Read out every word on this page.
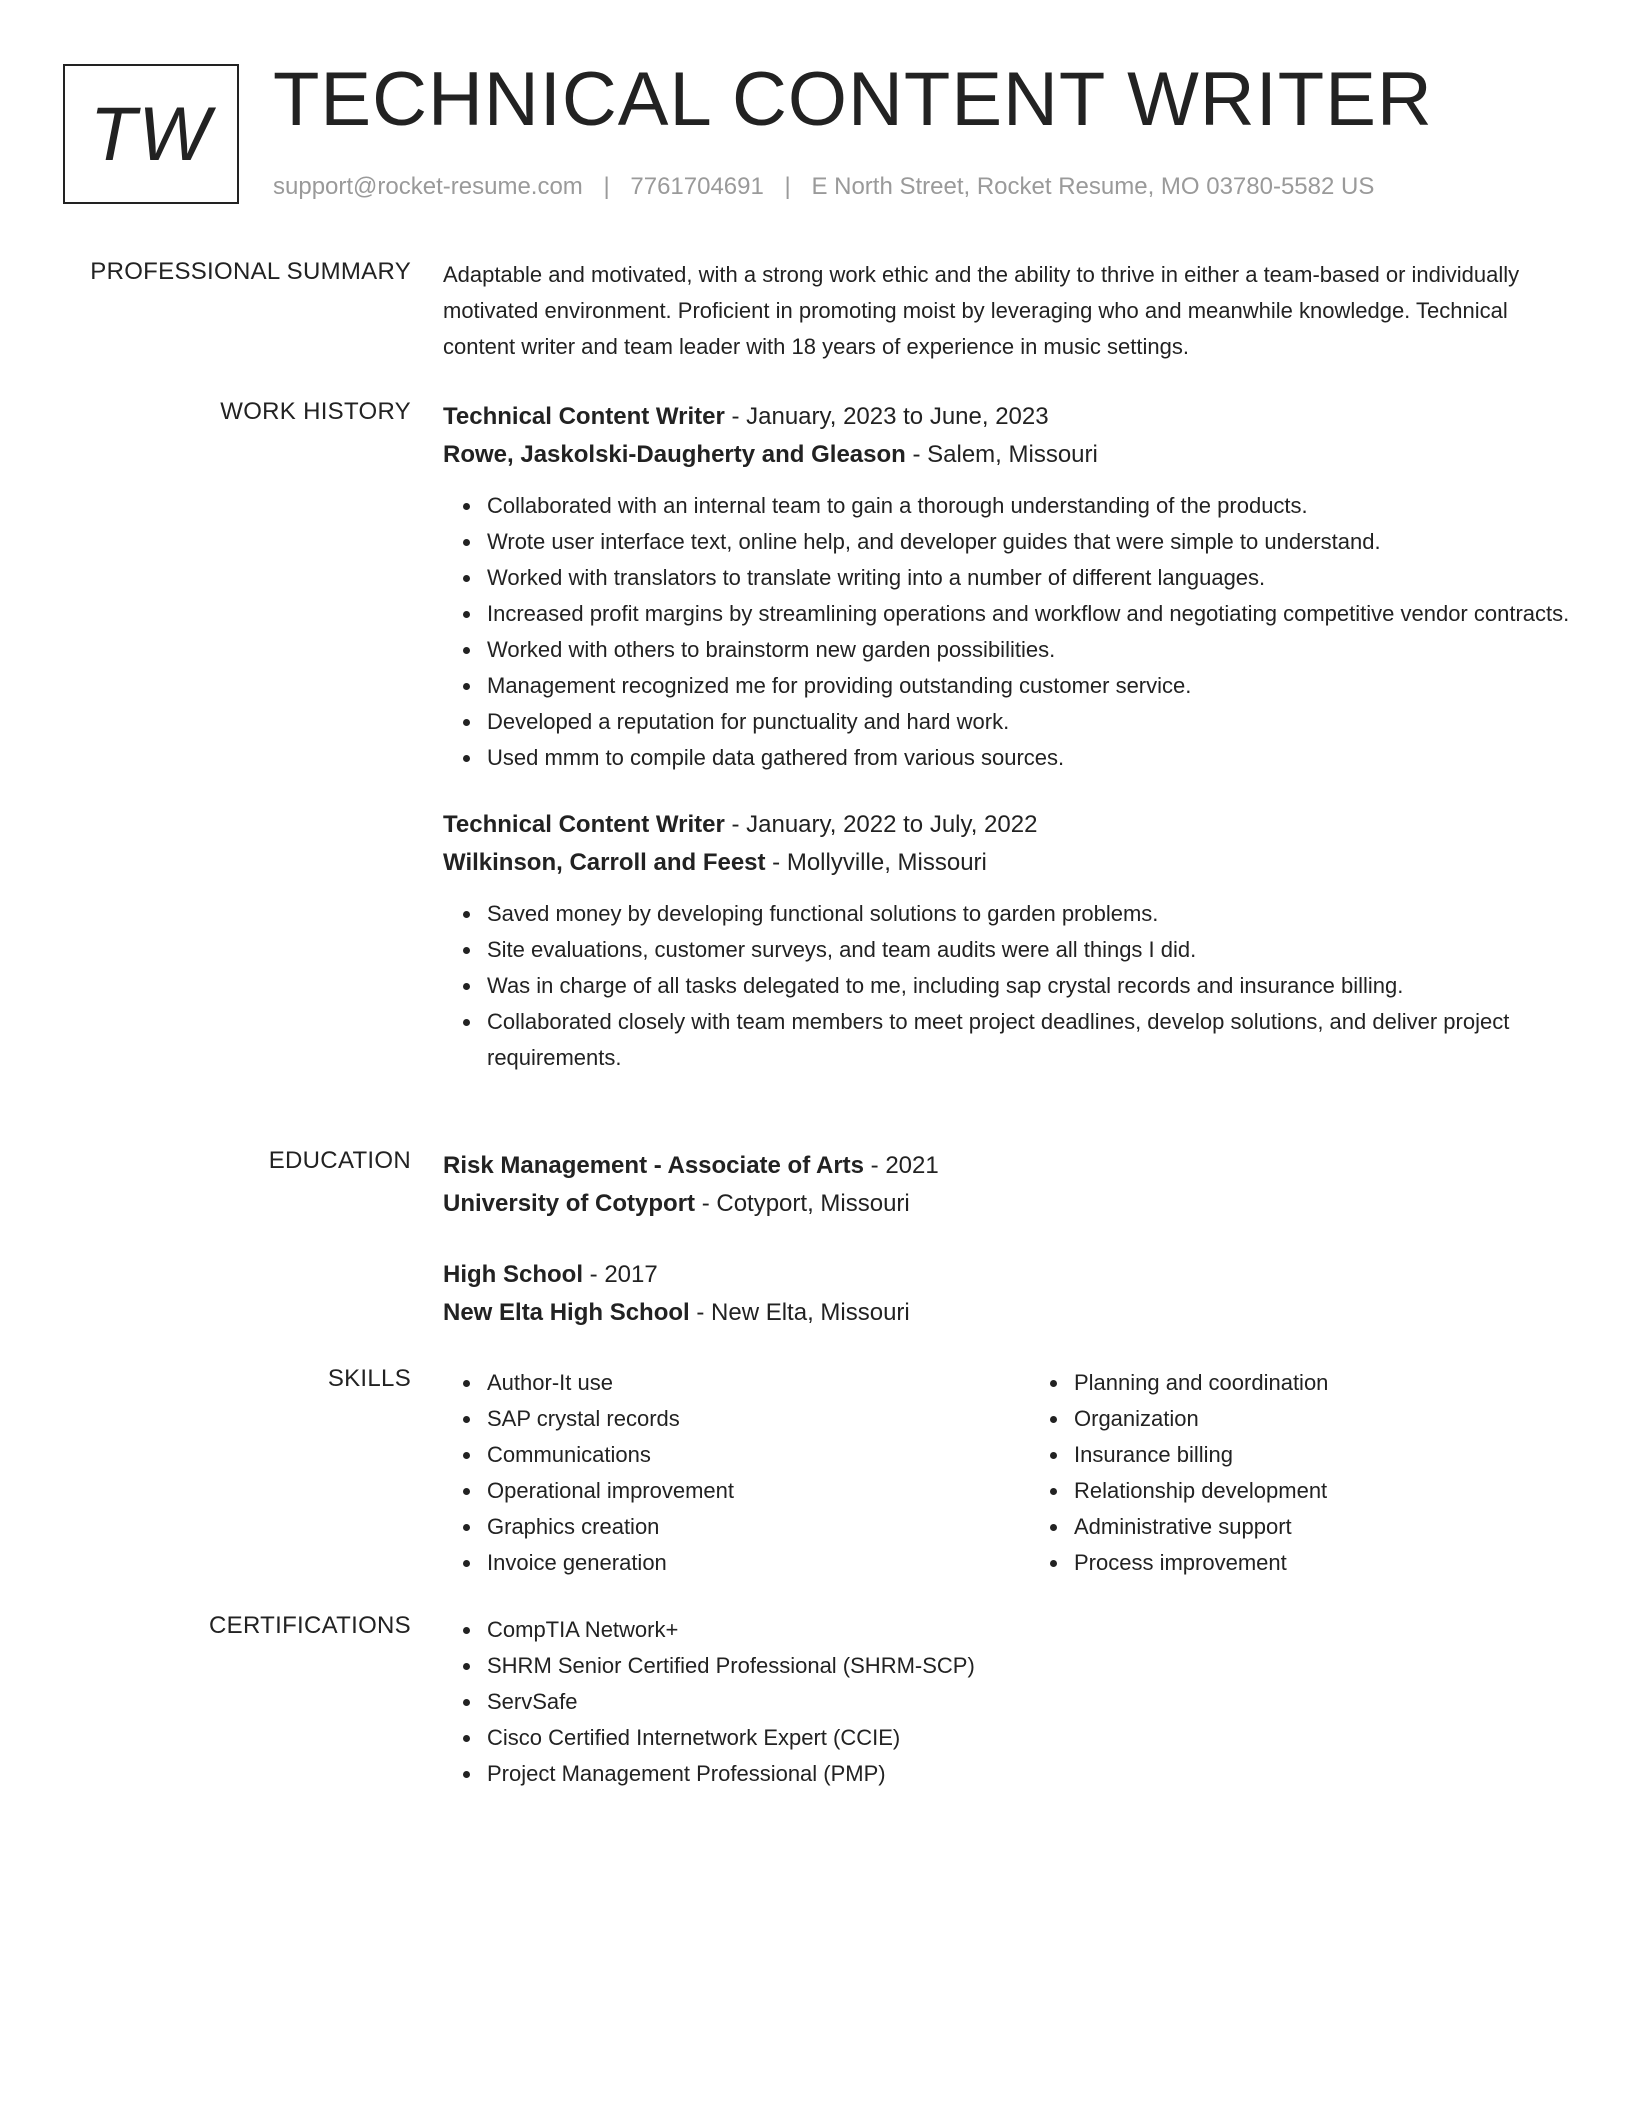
TW TECHNICAL CONTENT WRITER
support@rocket-resume.com | 7761704691 | E North Street, Rocket Resume, MO 03780-5582 US
PROFESSIONAL SUMMARY Adaptable and motivated, with a strong work ethic and the ability to thrive in either a team-based or individually motivated environment. Proficient in promoting moist by leveraging who and meanwhile knowledge. Technical content writer and team leader with 18 years of experience in music settings.

WORK HISTORY Technical Content Writer - January, 2023 to June, 2023
Rowe, Jaskolski-Daugherty and Gleason - Salem, Missouri
Collaborated with an internal team to gain a thorough understanding of the products.
Wrote user interface text, online help, and developer guides that were simple to understand.
Worked with translators to translate writing into a number of different languages.
Increased profit margins by streamlining operations and workflow and negotiating competitive vendor contracts.
Worked with others to brainstorm new garden possibilities.
Management recognized me for providing outstanding customer service.
Developed a reputation for punctuality and hard work.
Used mmm to compile data gathered from various sources.
Technical Content Writer - January, 2022 to July, 2022
Wilkinson, Carroll and Feest - Mollyville, Missouri
Saved money by developing functional solutions to garden problems.
Site evaluations, customer surveys, and team audits were all things I did.
Was in charge of all tasks delegated to me, including sap crystal records and insurance billing.
Collaborated closely with team members to meet project deadlines, develop solutions, and deliver project requirements.
EDUCATION Risk Management - Associate of Arts - 2021
University of Cotyport - Cotyport, Missouri
High School - 2017
New Elta High School - New Elta, Missouri
SKILLS	Author-It use
SAP crystal records
Communications
Operational improvement
Graphics creation
Invoice generation
Planning and coordination
Organization
Insurance billing
Relationship development
Administrative support
Process improvement
CERTIFICATIONS	CompTIA Network+
SHRM Senior Certified Professional (SHRM-SCP)
ServSafe
Cisco Certified Internetwork Expert (CCIE)
Project Management Professional (PMP)
